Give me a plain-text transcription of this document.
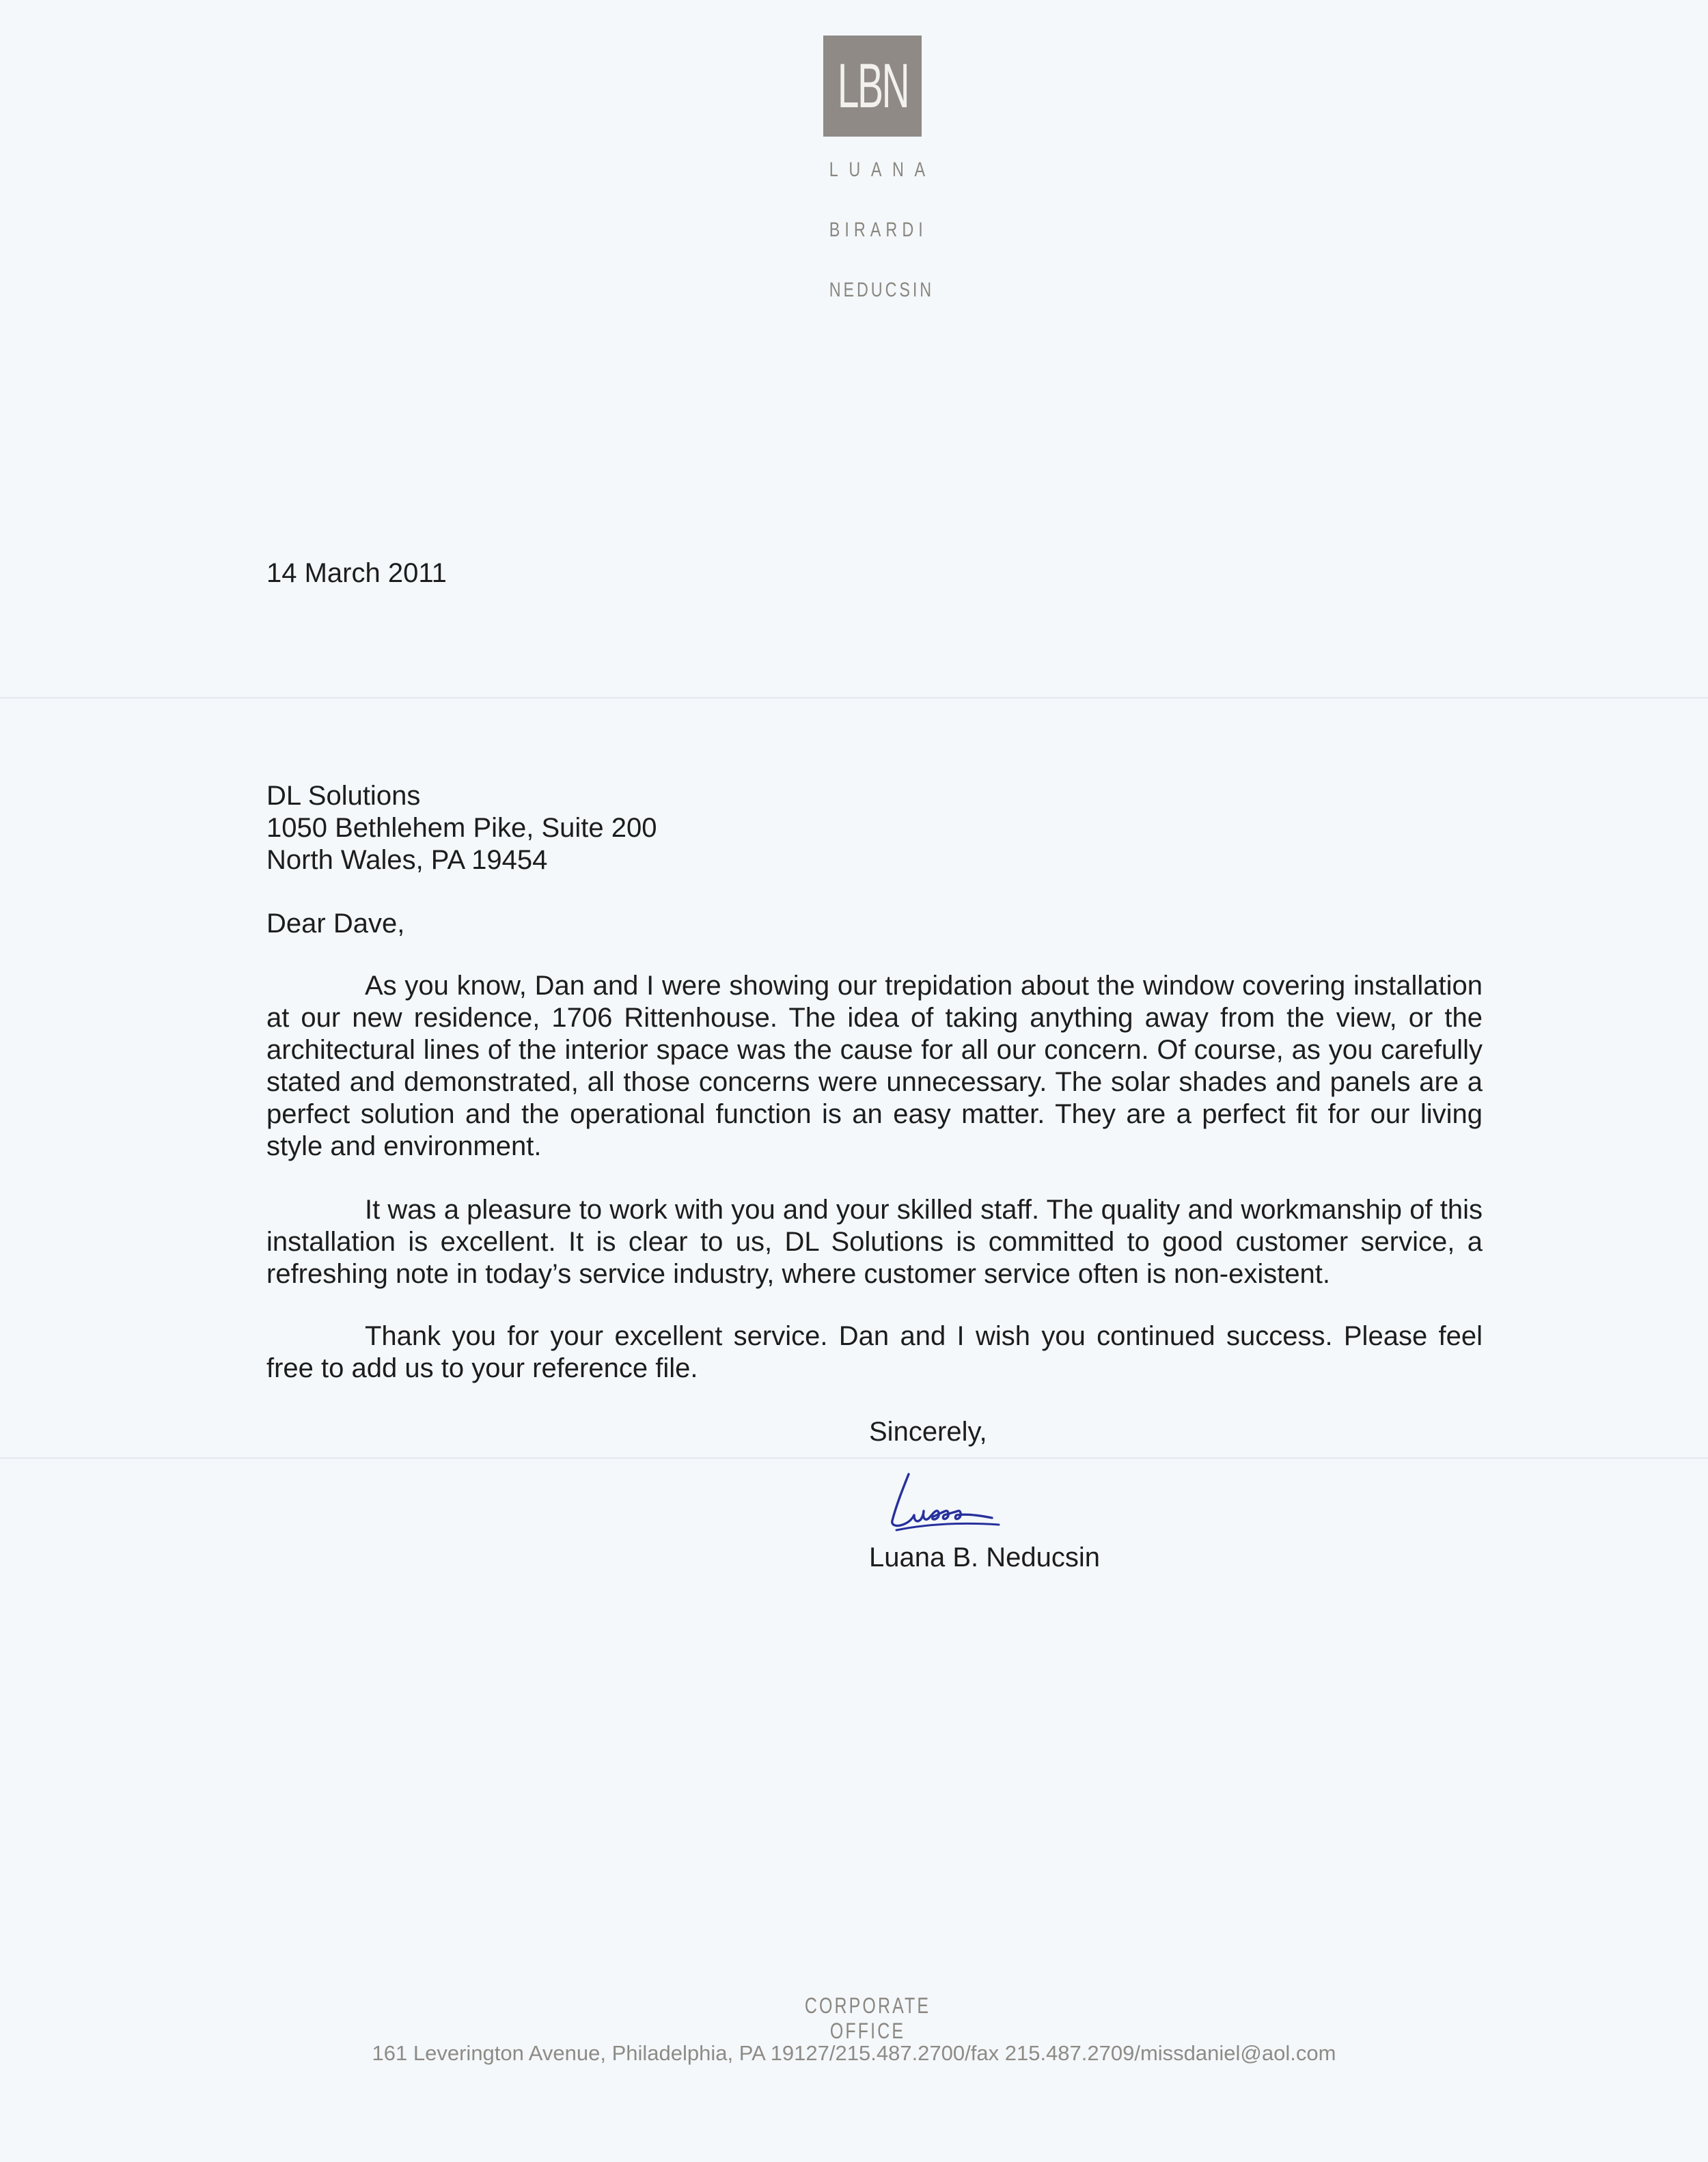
LBN
LUANA
BIRARDI
NEDUCSIN
14 March 2011
DL Solutions
1050 Bethlehem Pike, Suite 200
North Wales, PA 19454
Dear Dave,

As you know, Dan and I were showing our trepidation about the window covering installation at our new residence, 1706 Rittenhouse. The idea of taking anything away from the view, or the architectural lines of the interior space was the cause for all our concern. Of course, as you carefully stated and demonstrated, all those concerns were unnecessary. The solar shades and panels are a perfect solution and the operational function is an easy matter. They are a perfect fit for our living style and environment.

It was a pleasure to work with you and your skilled staff. The quality and workmanship of this installation is excellent. It is clear to us, DL Solutions is committed to good customer service, a refreshing note in today’s service industry, where customer service often is non-existent.

Thank you for your excellent service. Dan and I wish you continued success. Please feel free to add us to your reference file.

Sincerely,
Luana B. Neducsin
CORPORATE OFFICE
161 Leverington Avenue, Philadelphia, PA 19127/215.487.2700/fax 215.487.2709/missdaniel@aol.com
